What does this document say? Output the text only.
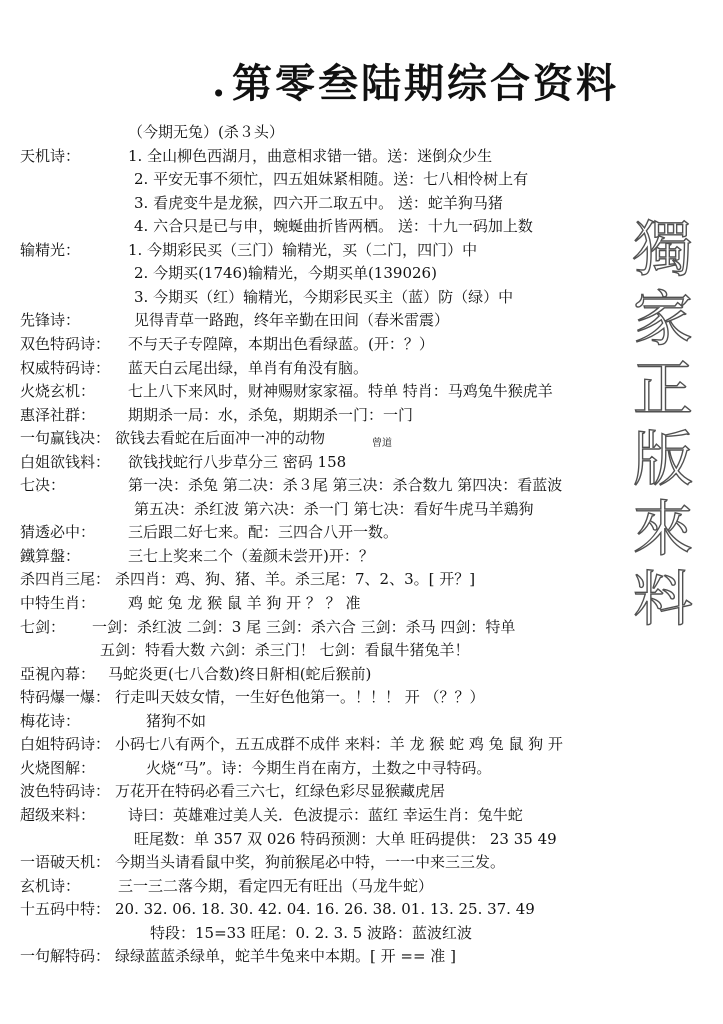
. 第零叁陆期综合资料
（今期无兔）(杀３头）
天机诗：	1. 全山柳色西湖月，曲意相求错一错。送：迷倒众少生
2. 平安无事不须忙，四五姐妹紧相随。送：七八相怜树上有
3. 看虎变牛是龙猴，四六开二取五中。 送：蛇羊狗马猪
4. 六合只是已与申，蜿蜒曲折皆两栖。 送：十九一码加上数
输精光：	1. 今期彩民买（三门）输精光，买（二门，四门）中
2. 今期买(1746)输精光，今期买单(139026)
3. 今期买（红）输精光，今期彩民买主（蓝）防（绿）中
先锋诗：	见得青草一路跑，终年辛勤在田间（春米雷震）
双色特码诗： 不与天子专隍障，本期出色看绿蓝。(开：？）
权威特码诗： 蓝天白云尾出绿，单肖有角没有脑。
火烧玄机： 七上八下来风时，财神赐财家家福。特单 特肖：马鸡兔牛猴虎羊
惠泽社群： 期期杀一局：水，杀兔，期期杀一门：一门
一句赢钱决： 欲钱去看蛇在后面冲一冲的动物	曾道
白姐欲钱料： 欲钱找蛇行八步草分三 密码 158
七决：	第一决：杀兔 第二决：杀３尾 第三决：杀合数九 第四决：看蓝波
第五决：杀红波 第六决：杀一门 第七决：看好牛虎马羊鶏狗
猜透必中： 三后跟二好七来。配：三四合八开一数。
鐵算盤：	三七上奖来二个（羞颜未尝开)开：？
杀四肖三尾： 杀四肖：鸡、狗、猪、羊。杀三尾：7、2、3。[ 开？]
中特生肖： 鸡 蛇 兔 龙 猴 鼠 羊 狗 开 ？ ？ 准
七剑： 一剑：杀红波 二剑：3 尾 三剑：杀六合 三剑：杀马 四剑：特单
五剑：特看大数 六剑：杀三门！ 七剑：看鼠牛猪兔羊！
亞視內幕： 马蛇炎更(七八合数)终日鼾相(蛇后猴前)
特码爆一爆： 行走叫天妓女情，一生好色他第一。！！！ 开 （？？）
梅花诗：	猪狗不如
白姐特码诗： 小码七八有两个，五五成群不成伴 来料：羊 龙 猴 蛇 鸡 兔 鼠 狗 开
火烧图解：	火烧“马”。诗：今期生肖在南方，土数之中寻特码。
波色特码诗： 万花开在特码必看三六七，红绿色彩尽显猴藏虎居
超级来料： 诗曰：英雄难过美人关．色波提示：蓝红 幸运生肖：兔牛蛇
旺尾数：单 357 双 026 特码预测：大单 旺码提供： 23 35 49
一语破天机： 今期当头请看鼠中奖，狗前猴尾必中特，一一中来三三发。
玄机诗：	三一三二落今期，看定四无有旺出（马龙牛蛇）
十五码中特： 20. 32. 06. 18. 30. 42. 04. 16. 26. 38. 01. 13. 25. 37. 49
特段：15=33 旺尾：0. 2. 3. 5 波路：蓝波红波
一句解特码： 绿绿蓝蓝杀绿单，蛇羊牛兔来中本期。[ 开 == 准 ]
獨
家
正
版
來
料
